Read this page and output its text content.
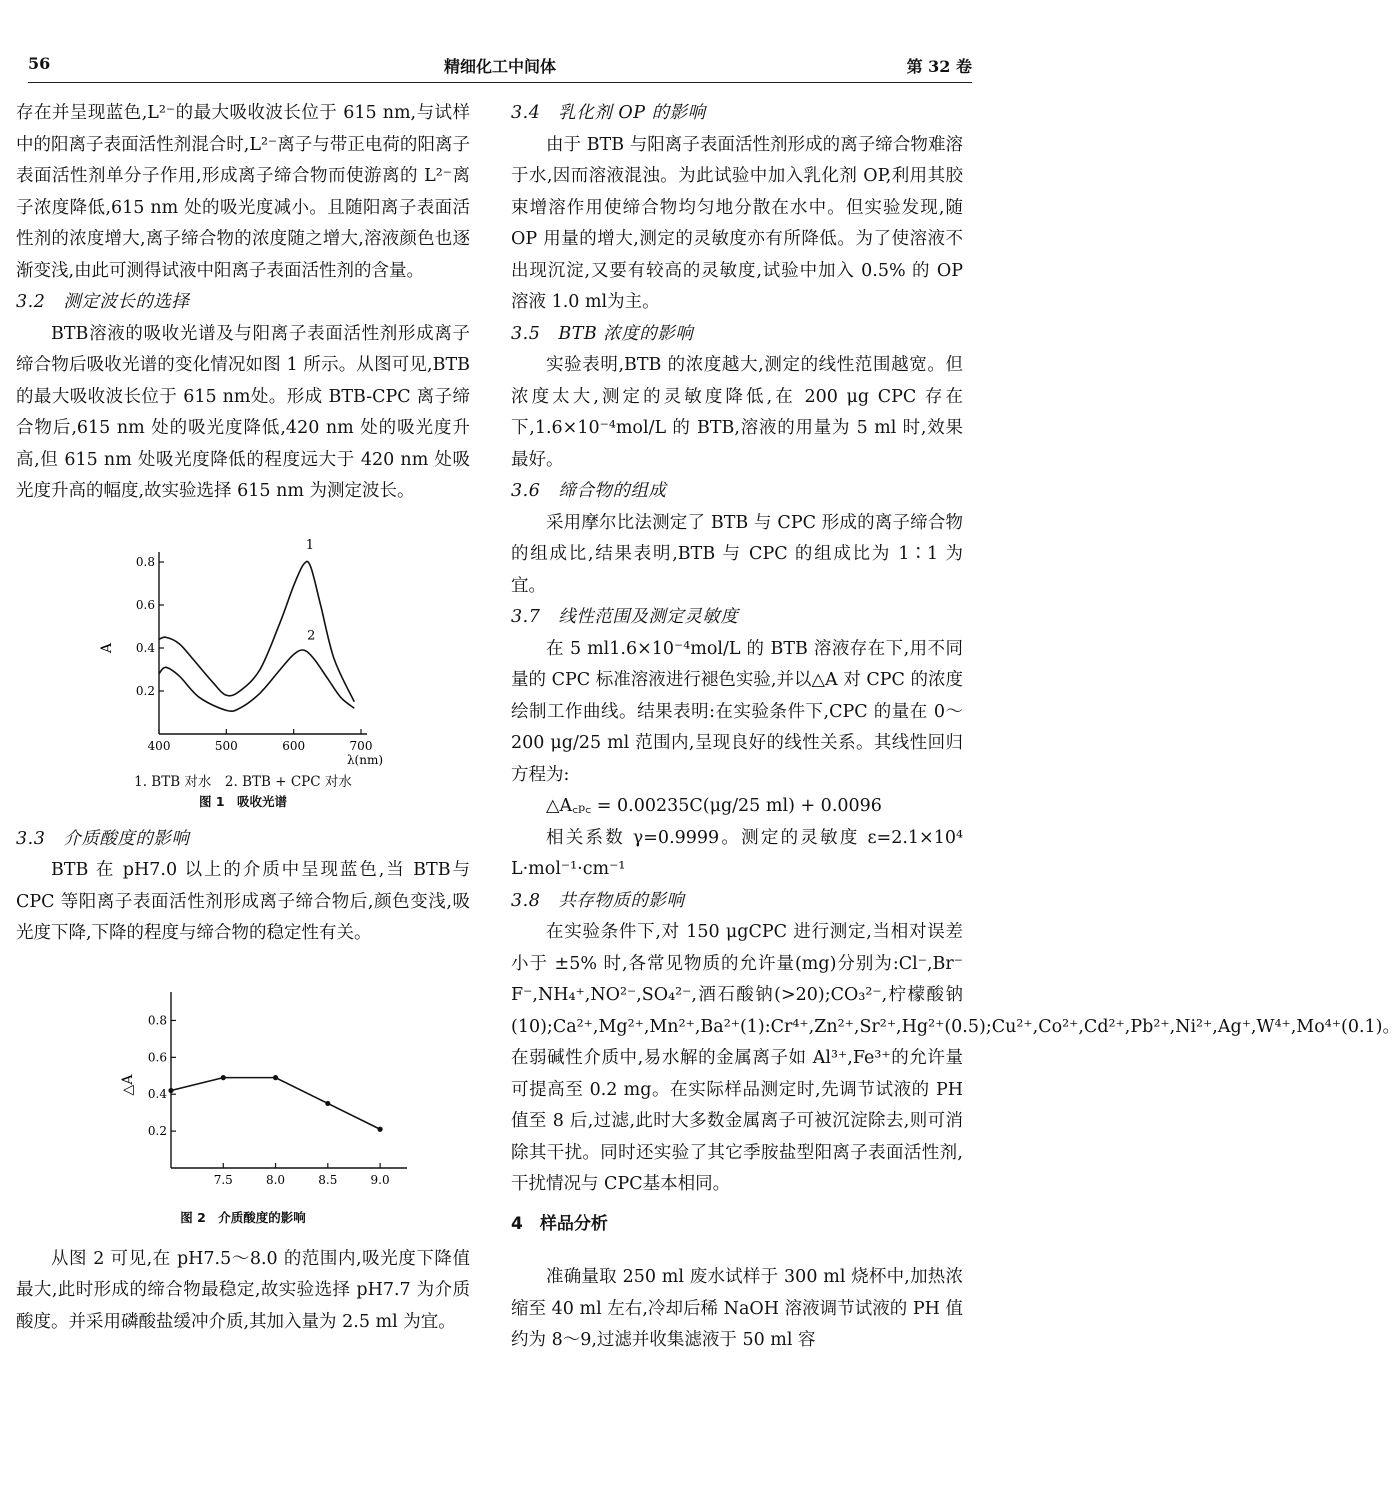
56	精细化工中间体	第 32 卷

存在并呈现蓝色,L²⁻的最大吸收波长位于 615 nm,与试样中的阳离子表面活性剂混合时,L²⁻离子与带正电荷的阳离子表面活性剂单分子作用,形成离子缔合物而使游离的 L²⁻离子浓度降低,615 nm 处的吸光度减小。且随阳离子表面活性剂的浓度增大,离子缔合物的浓度随之增大,溶液颜色也逐渐变浅,由此可测得试液中阳离子表面活性剂的含量。

3.2　测定波长的选择

BTB溶液的吸收光谱及与阳离子表面活性剂形成离子缔合物后吸收光谱的变化情况如图 1 所示。从图可见,BTB 的最大吸收波长位于 615 nm处。形成 BTB-CPC 离子缔合物后,615 nm 处的吸光度降低,420 nm 处的吸光度升高,但 615 nm 处吸光度降低的程度远大于 420 nm 处吸光度升高的幅度,故实验选择 615 nm 为测定波长。

0.2
0.4
0.6
0.8
400	500	600	700
A
λ(nm)
1
2
1. BTB 对水　2. BTB + CPC 对水
图 1　吸收光谱

3.3　介质酸度的影响

BTB 在 pH7.0 以上的介质中呈现蓝色,当 BTB与 CPC 等阳离子表面活性剂形成离子缔合物后,颜色变浅,吸光度下降,下降的程度与缔合物的稳定性有关。

0.2
0.4
0.6
0.8
7.5	8.0	8.5	9.0
△A
图 2　介质酸度的影响

从图 2 可见,在 pH7.5～8.0 的范围内,吸光度下降值最大,此时形成的缔合物最稳定,故实验选择 pH7.7 为介质酸度。并采用磷酸盐缓冲介质,其加入量为 2.5 ml 为宜。

3.4　乳化剂 OP 的影响

由于 BTB 与阳离子表面活性剂形成的离子缔合物难溶于水,因而溶液混浊。为此试验中加入乳化剂 OP,利用其胶束增溶作用使缔合物均匀地分散在水中。但实验发现,随 OP 用量的增大,测定的灵敏度亦有所降低。为了使溶液不出现沉淀,又要有较高的灵敏度,试验中加入 0.5% 的 OP 溶液 1.0 ml为主。

3.5　BTB 浓度的影响

实验表明,BTB 的浓度越大,测定的线性范围越宽。但浓度太大,测定的灵敏度降低,在 200 μg CPC 存在下,1.6×10⁻⁴mol/L 的 BTB,溶液的用量为 5 ml 时,效果最好。

3.6　缔合物的组成

采用摩尔比法测定了 BTB 与 CPC 形成的离子缔合物的组成比,结果表明,BTB 与 CPC 的组成比为 1∶1 为宜。

3.7　线性范围及测定灵敏度

在 5 ml1.6×10⁻⁴mol/L 的 BTB 溶液存在下,用不同量的 CPC 标准溶液进行褪色实验,并以△A 对 CPC 的浓度绘制工作曲线。结果表明:在实验条件下,CPC 的量在 0～200 μg/25 ml 范围内,呈现良好的线性关系。其线性回归方程为:

△A꜀ₚ꜀ = 0.00235C(μg/25 ml) + 0.0096

相关系数 γ=0.9999。测定的灵敏度 ε=2.1×10⁴ L·mol⁻¹·cm⁻¹

3.8　共存物质的影响

在实验条件下,对 150 μgCPC 进行测定,当相对误差小于 ±5% 时,各常见物质的允许量(mg)分别为:Cl⁻,Br⁻ F⁻,NH₄⁺,NO²⁻,SO₄²⁻,酒石酸钠(>20);CO₃²⁻,柠檬酸钠(10);Ca²⁺,Mg²⁺,Mn²⁺,Ba²⁺(1):Cr⁴⁺,Zn²⁺,Sr²⁺,Hg²⁺(0.5);Cu²⁺,Co²⁺,Cd²⁺,Pb²⁺,Ni²⁺,Ag⁺,W⁴⁺,Mo⁴⁺(0.1)。在弱碱性介质中,易水解的金属离子如 Al³⁺,Fe³⁺的允许量可提高至 0.2 mg。在实际样品测定时,先调节试液的 PH 值至 8 后,过滤,此时大多数金属离子可被沉淀除去,则可消除其干扰。同时还实验了其它季胺盐型阳离子表面活性剂,干扰情况与 CPC基本相同。

4　样品分析

准确量取 250 ml 废水试样于 300 ml 烧杯中,加热浓缩至 40 ml 左右,冷却后稀 NaOH 溶液调节试液的 PH 值约为 8～9,过滤并收集滤液于 50 ml 容
